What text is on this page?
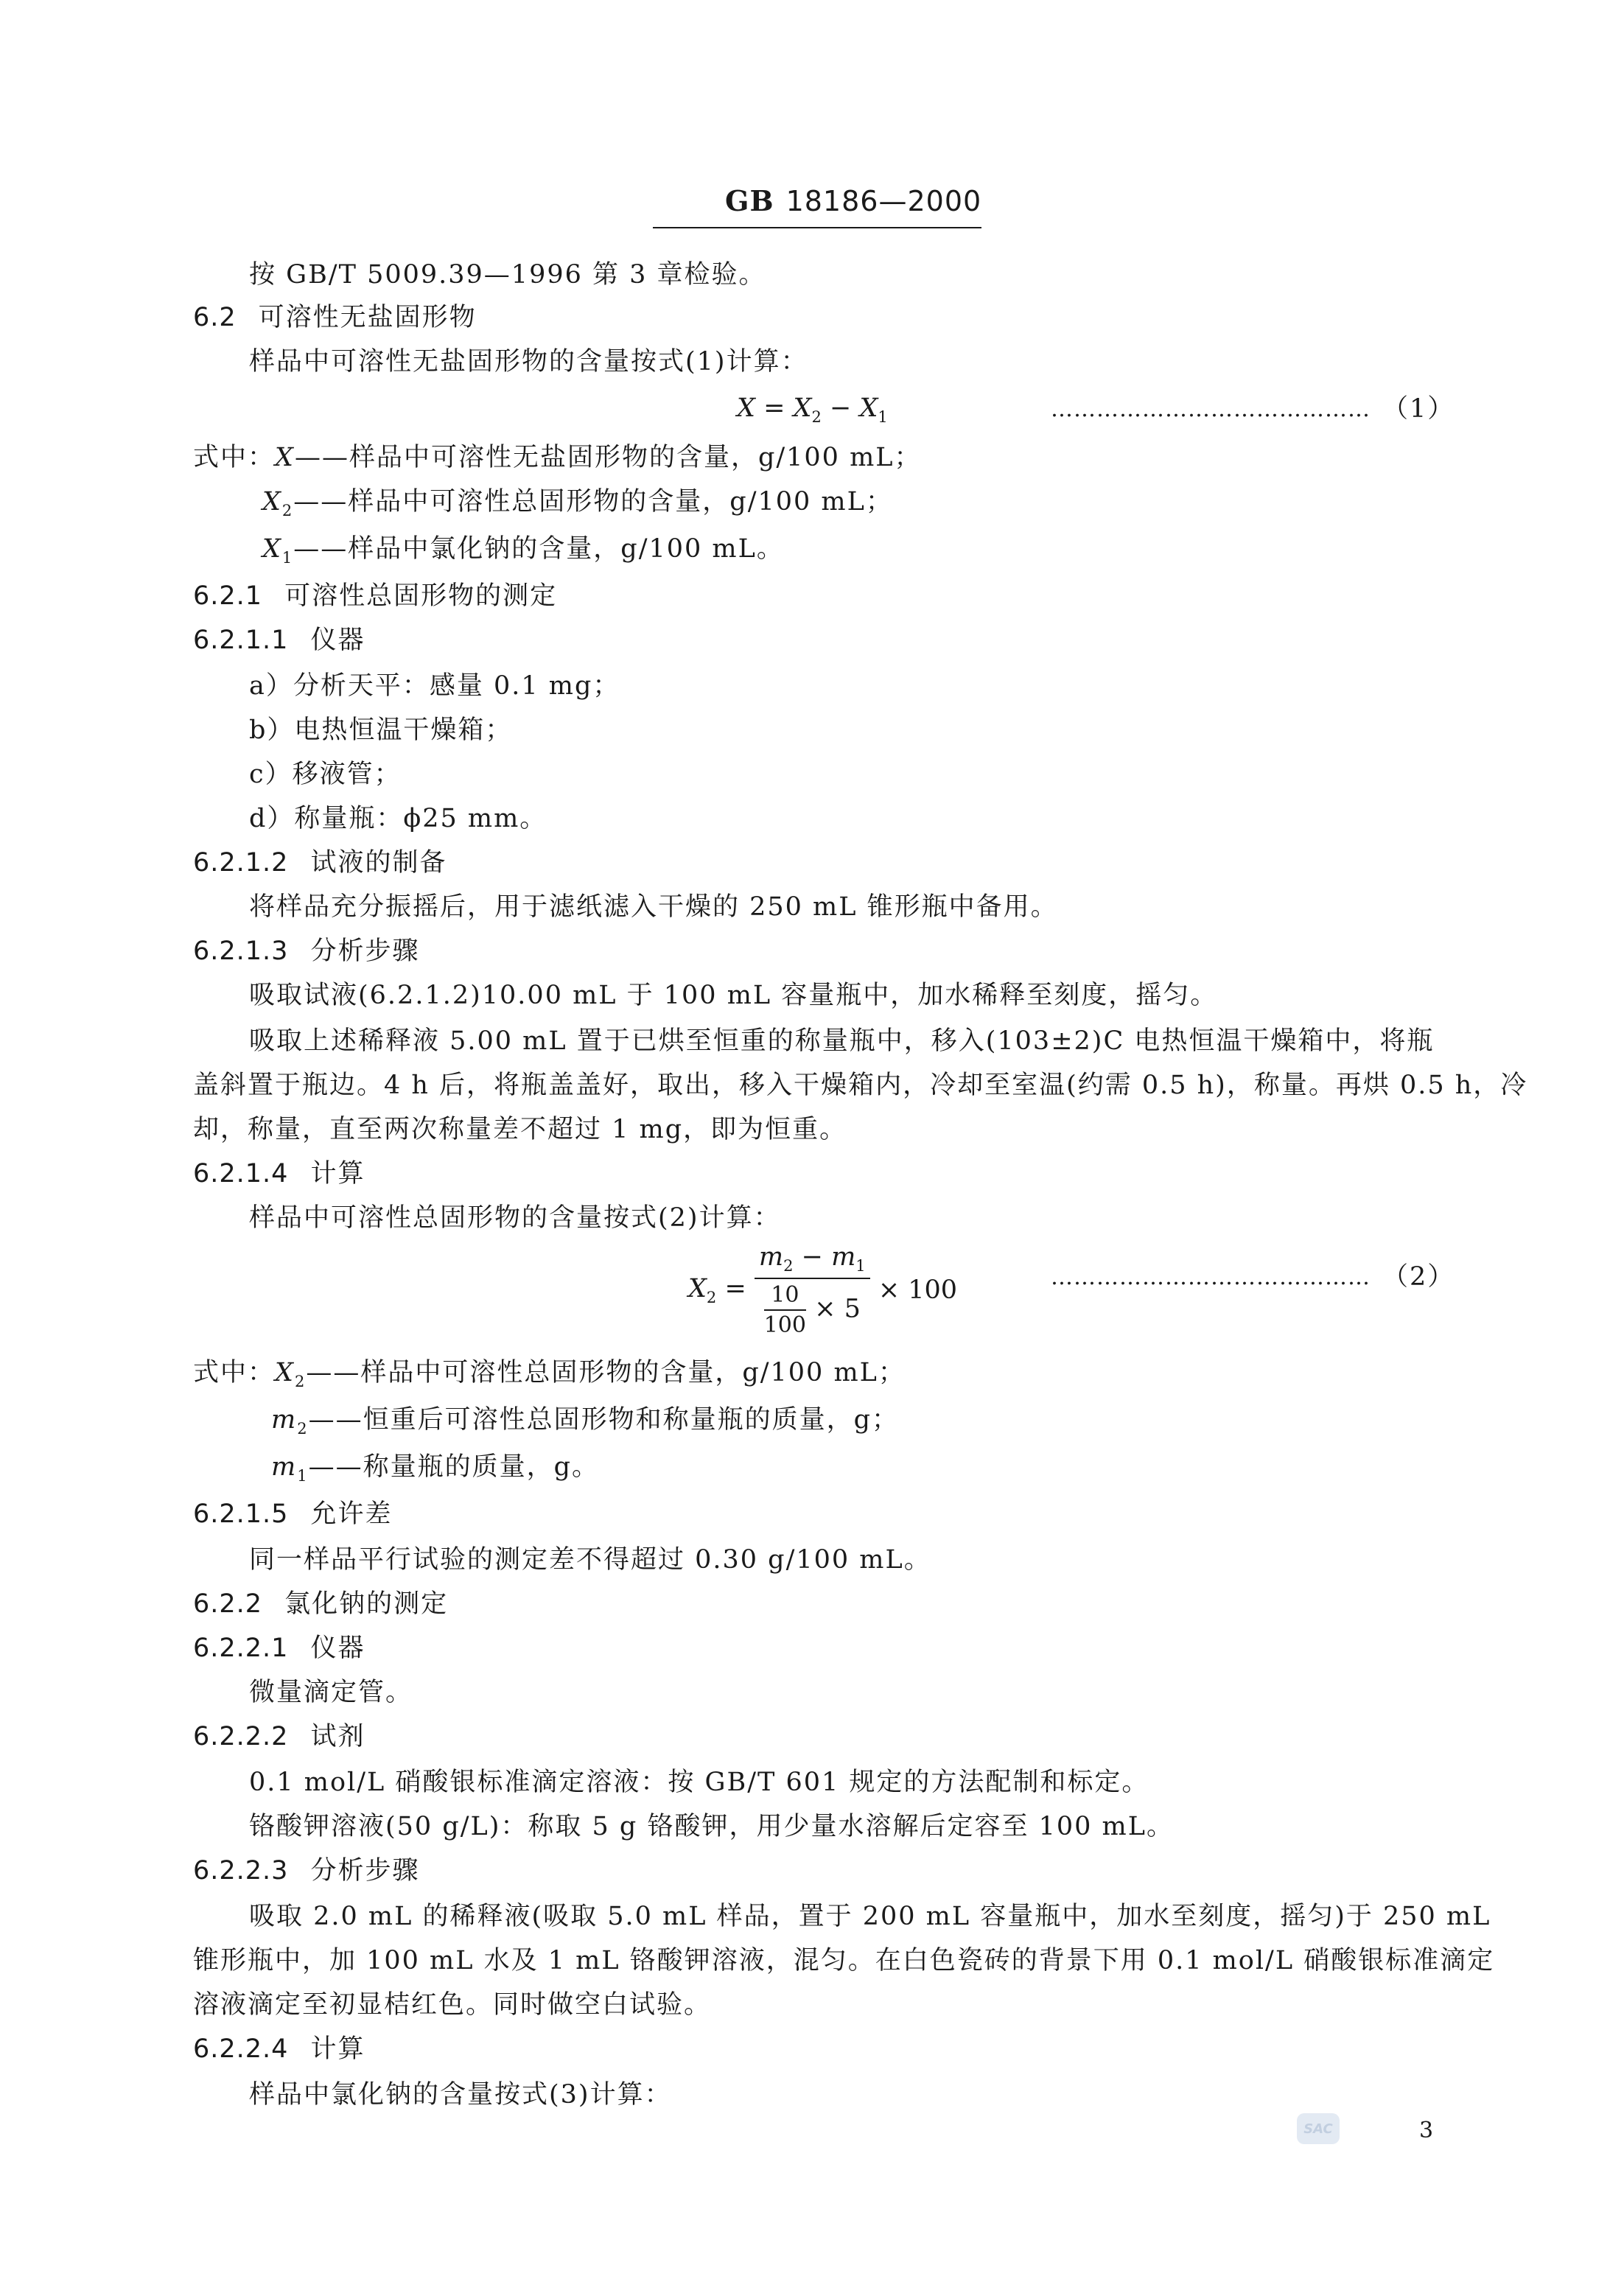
GB 18186—2000
按 GB/T 5009.39—1996 第 3 章检验。
6.2 可溶性无盐固形物
样品中可溶性无盐固形物的含量按式(1)计算：
$X = X_2 - X_1$	…………………………………… （1）
式中：X——样品中可溶性无盐固形物的含量，g/100 mL；
$X_2——$样品中可溶性总固形物的含量，g/100 mL；
$X_1——$样品中氯化钠的含量，g/100 mL。
6.2.1 可溶性总固形物的测定
6.2.1.1 仪器
a）分析天平：感量 0.1 mg；
b）电热恒温干燥箱；
c）移液管；
d）称量瓶：ϕ25 mm。
6.2.1.2 试液的制备
将样品充分振摇后，用于滤纸滤入干燥的 250 mL 锥形瓶中备用。
6.2.1.3 分析步骤
吸取试液(6.2.1.2)10.00 mL 于 100 mL 容量瓶中，加水稀释至刻度，摇匀。
吸取上述稀释液 5.00 mL 置于已烘至恒重的称量瓶中，移入(103±2)C 电热恒温干燥箱中，将瓶
盖斜置于瓶边。4 h 后，将瓶盖盖好，取出，移入干燥箱内，冷却至室温(约需 0.5 h)，称量。再烘 0.5 h，冷
却，称量，直至两次称量差不超过 1 mg，即为恒重。
6.2.1.4 计算
样品中可溶性总固形物的含量按式(2)计算：
$X_2 = \frac{m_2 - m_1}{\frac{10}{100} \times 5} \times 100$	…………………………………… （2）
式中：$X_2——$样品中可溶性总固形物的含量，g/100 mL；
$m_2——$恒重后可溶性总固形物和称量瓶的质量，g；
$m_1——$称量瓶的质量，g。
6.2.1.5 允许差
同一样品平行试验的测定差不得超过 0.30 g/100 mL。
6.2.2 氯化钠的测定
6.2.2.1 仪器
微量滴定管。
6.2.2.2 试剂
0.1 mol/L 硝酸银标准滴定溶液：按 GB/T 601 规定的方法配制和标定。
铬酸钾溶液(50 g/L)：称取 5 g 铬酸钾，用少量水溶解后定容至 100 mL。
6.2.2.3 分析步骤
吸取 2.0 mL 的稀释液(吸取 5.0 mL 样品，置于 200 mL 容量瓶中，加水至刻度，摇匀)于 250 mL
锥形瓶中，加 100 mL 水及 1 mL 铬酸钾溶液，混匀。在白色瓷砖的背景下用 0.1 mol/L 硝酸银标准滴定
溶液滴定至初显桔红色。同时做空白试验。
6.2.2.4 计算
样品中氯化钠的含量按式(3)计算：
SAC	3
